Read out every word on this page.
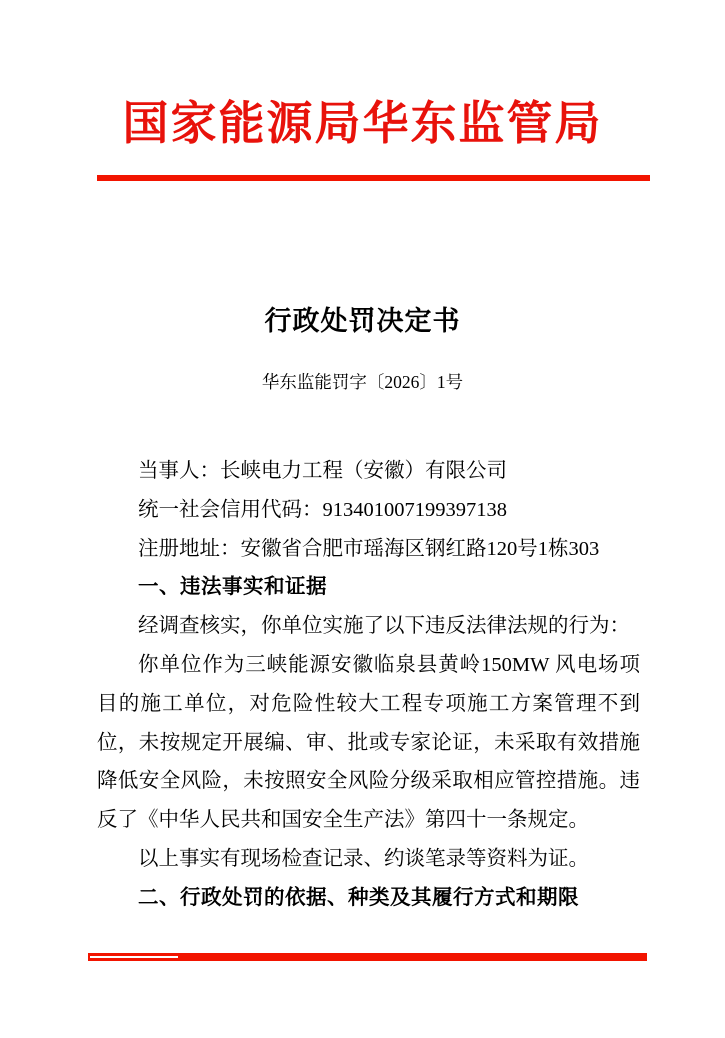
国家能源局华东监管局
行政处罚决定书
华东监能罚字〔2026〕1号
当事人：长峡电力工程（安徽）有限公司
统一社会信用代码：913401007199397138
注册地址：安徽省合肥市瑶海区钢红路120号1栋303
一、违法事实和证据
经调查核实，你单位实施了以下违反法律法规的行为：
你单位作为三峡能源安徽临泉县黄岭150MW 风电场项目的施工单位，对危险性较大工程专项施工方案管理不到位，未按规定开展编、审、批或专家论证，未采取有效措施降低安全风险，未按照安全风险分级采取相应管控措施。违反了《中华人民共和国安全生产法》第四十一条规定。
以上事实有现场检查记录、约谈笔录等资料为证。
二、行政处罚的依据、种类及其履行方式和期限
